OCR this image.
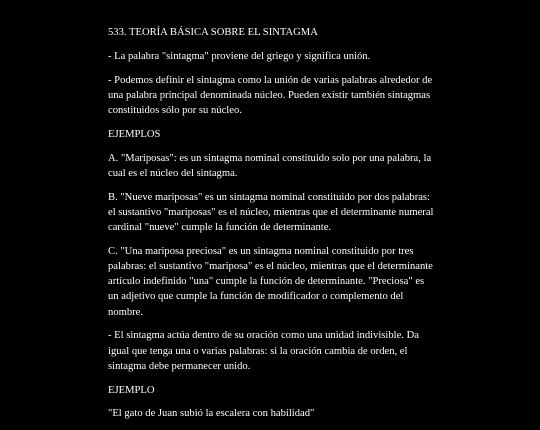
533. TEORÍA BÁSICA SOBRE EL SINTAGMA

- La palabra "sintagma" proviene del griego y significa unión.

- Podemos definir el sintagma como la unión de varias palabras alrededor de una palabra principal denominada núcleo. Pueden existir también sintagmas constituidos sólo por su núcleo.

EJEMPLOS

A. "Mariposas": es un sintagma nominal constituido solo por una palabra, la cual es el núcleo del sintagma.

B. "Nueve mariposas" es un sintagma nominal constituido por dos palabras: el sustantivo "mariposas" es el núcleo, mientras que el determinante numeral cardinal "nueve" cumple la función de determinante.

C. "Una mariposa preciosa" es un sintagma nominal constituido por tres palabras: el sustantivo "mariposa" es el núcleo, mientras que el determinante artículo indefinido "una" cumple la función de determinante. "Preciosa" es un adjetivo que cumple la función de modificador o complemento del nombre.

- El sintagma actúa dentro de su oración como una unidad indivisible. Da igual que tenga una o varias palabras: si la oración cambia de orden, el sintagma debe permanecer unido.

EJEMPLO

"El gato de Juan subió la escalera con habilidad"
